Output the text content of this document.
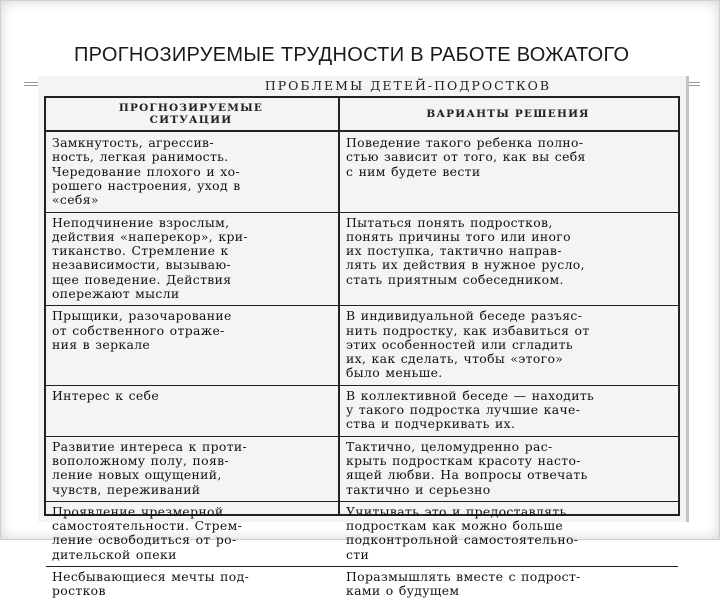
ПРОГНОЗИРУЕМЫЕ ТРУДНОСТИ В РАБОТЕ ВОЖАТОГО
ПРОБЛЕМЫ ДЕТЕЙ-ПОДРОСТКОВ
ПРОГНОЗИРУЕМЫЕ
СИТУАЦИИ	ВАРИАНТЫ РЕШЕНИЯ
Замкнутость, агрессив-
ность, легкая ранимость.
Чередование плохого и хо-
рошего настроения, уход в
«себя»
Поведение такого ребенка полно-
стью зависит от того, как вы себя
с ним будете вести
Неподчинение взрослым,
действия «наперекор», кри-
тиканство. Стремление к
независимости, вызываю-
щее поведение. Действия
опережают мысли
Пытаться понять подростков,
понять причины того или иного
их поступка, тактично направ-
лять их действия в нужное русло,
стать приятным собеседником.
Прыщики, разочарование
от собственного отраже-
ния в зеркале
В индивидуальной беседе разъяс-
нить подростку, как избавиться от
этих особенностей или сгладить
их, как сделать, чтобы «этого»
было меньше.
Интерес к себе	В коллективной беседе — находить
у такого подростка лучшие каче-
ства и подчеркивать их.
Развитие интереса к проти-
воположному полу, появ-
ление новых ощущений,
чувств, переживаний
Тактично, целомудренно рас-
крыть подросткам красоту насто-
ящей любви. На вопросы отвечать
тактично и серьезно
Проявление чрезмерной
самостоятельности. Стрем-
ление освободиться от ро-
дительской опеки
Учитывать это и предоставлять
подросткам как можно больше
подконтрольной самостоятельно-
сти
Несбывающиеся мечты под-
ростков
Поразмышлять вместе с подрост-
ками о будущем
